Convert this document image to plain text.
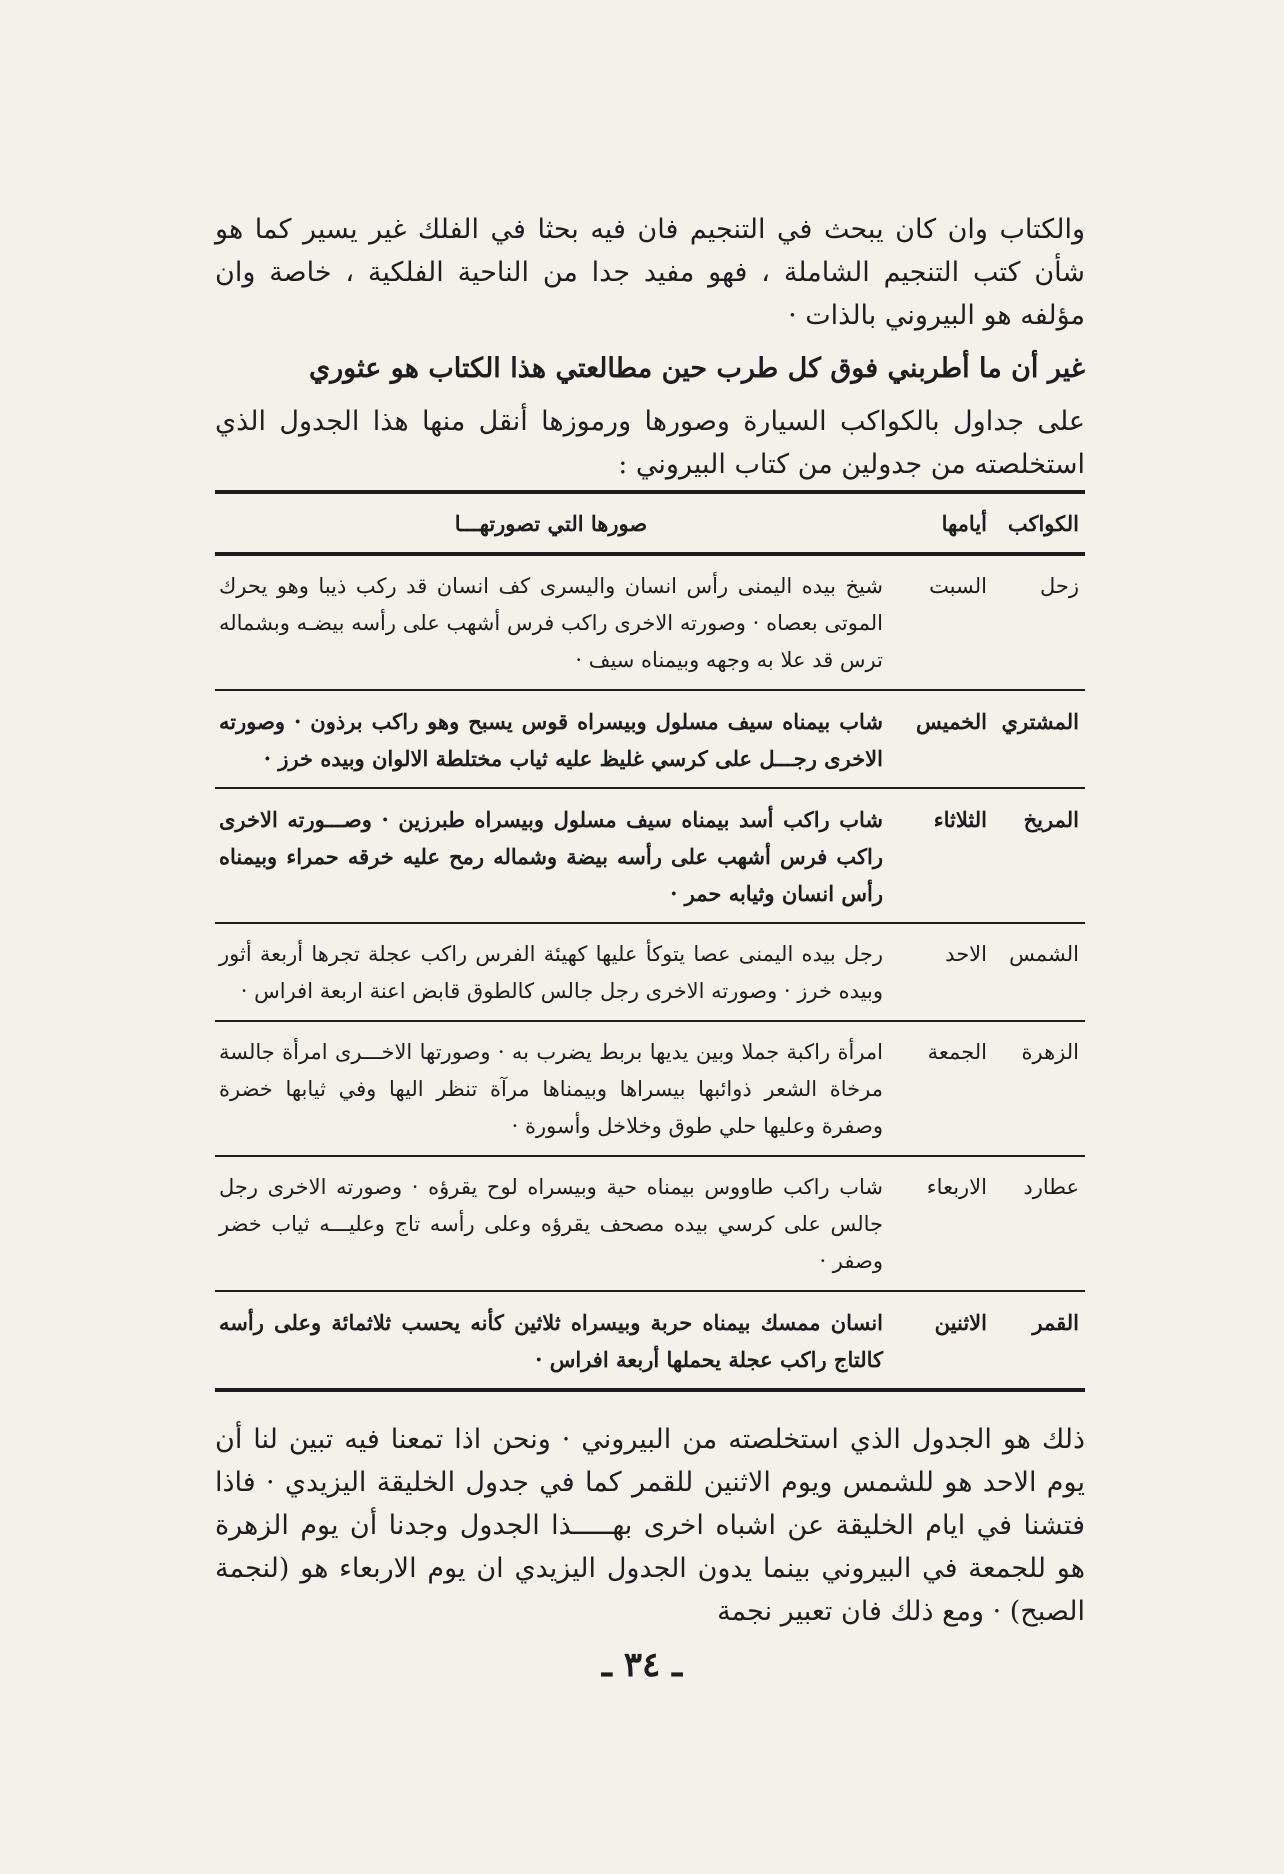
والكتاب وان كان يبحث في التنجيم فان فيه بحثا في الفلك غير يسير كما هو شأن كتب التنجيم الشاملة ، فهو مفيد جدا من الناحية الفلكية ، خاصة وان مؤلفه هو البيروني بالذات ·

غير أن ما أطربني فوق كل طرب حين مطالعتي هذا الكتاب هو عثوري

على جداول بالكواكب السيارة وصورها ورموزها أنقل منها هذا الجدول الذي استخلصته من جدولين من كتاب البيروني :

الكواكب
أيامها
صورها التي تصورتهـــا
زحل
السبت
شيخ بيده اليمنى رأس انسان واليسرى كف انسان قد ركب ذيبا وهو يحرك الموتى بعصاه · وصورته الاخرى راكب فرس أشهب على رأسه بيضـه وبشماله ترس قد علا به وجهه وبيمناه سيف ·
المشتري
الخميس
شاب بيمناه سيف مسلول وبيسراه قوس يسبح وهو راكب برذون · وصورته الاخرى رجـــل على كرسي غليظ عليه ثياب مختلطة الالوان وبيده خرز ·
المريخ
الثلاثاء
شاب راكب أسد بيمناه سيف مسلول وبيسراه طبرزين · وصـــورته الاخرى راكب فرس أشهب على رأسه بيضة وشماله رمح عليه خرقه حمراء وبيمناه رأس انسان وثيابه حمر ·
الشمس
الاحد
رجل بيده اليمنى عصا يتوكأ عليها كهيئة الفرس راكب عجلة تجرها أربعة أثور وبيده خرز · وصورته الاخرى رجل جالس كالطوق قابض اعنة اربعة افراس ·
الزهرة
الجمعة
امرأة راكبة جملا وبين يديها بربط يضرب به · وصورتها الاخـــرى امرأة جالسة مرخاة الشعر ذوائبها بيسراها وبيمناها مرآة تنظر اليها وفي ثيابها خضرة وصفرة وعليها حلي طوق وخلاخل وأسورة ·
عطارد
الاربعاء
شاب راكب طاووس بيمناه حية وبيسراه لوح يقرؤه · وصورته الاخرى رجل جالس على كرسي بيده مصحف يقرؤه وعلى رأسه تاج وعليـــه ثياب خضر وصفر ·
القمر
الاثنين
انسان ممسك بيمناه حربة وبيسراه ثلاثين كأنه يحسب ثلاثمائة وعلى رأسه كالتاج راكب عجلة يحملها أربعة افراس ·

ذلك هو الجدول الذي استخلصته من البيروني · ونحن اذا تمعنا فيه تبين لنا أن يوم الاحد هو للشمس ويوم الاثنين للقمر كما في جدول الخليقة اليزيدي · فاذا فتشنا في ايام الخليقة عن اشباه اخرى بهـــــذا الجدول وجدنا أن يوم الزهرة هو للجمعة في البيروني بينما يدون الجدول اليزيدي ان يوم الاربعاء هو (لنجمة الصبح) · ومع ذلك فان تعبير نجمة

ـ ٣٤ ـ
